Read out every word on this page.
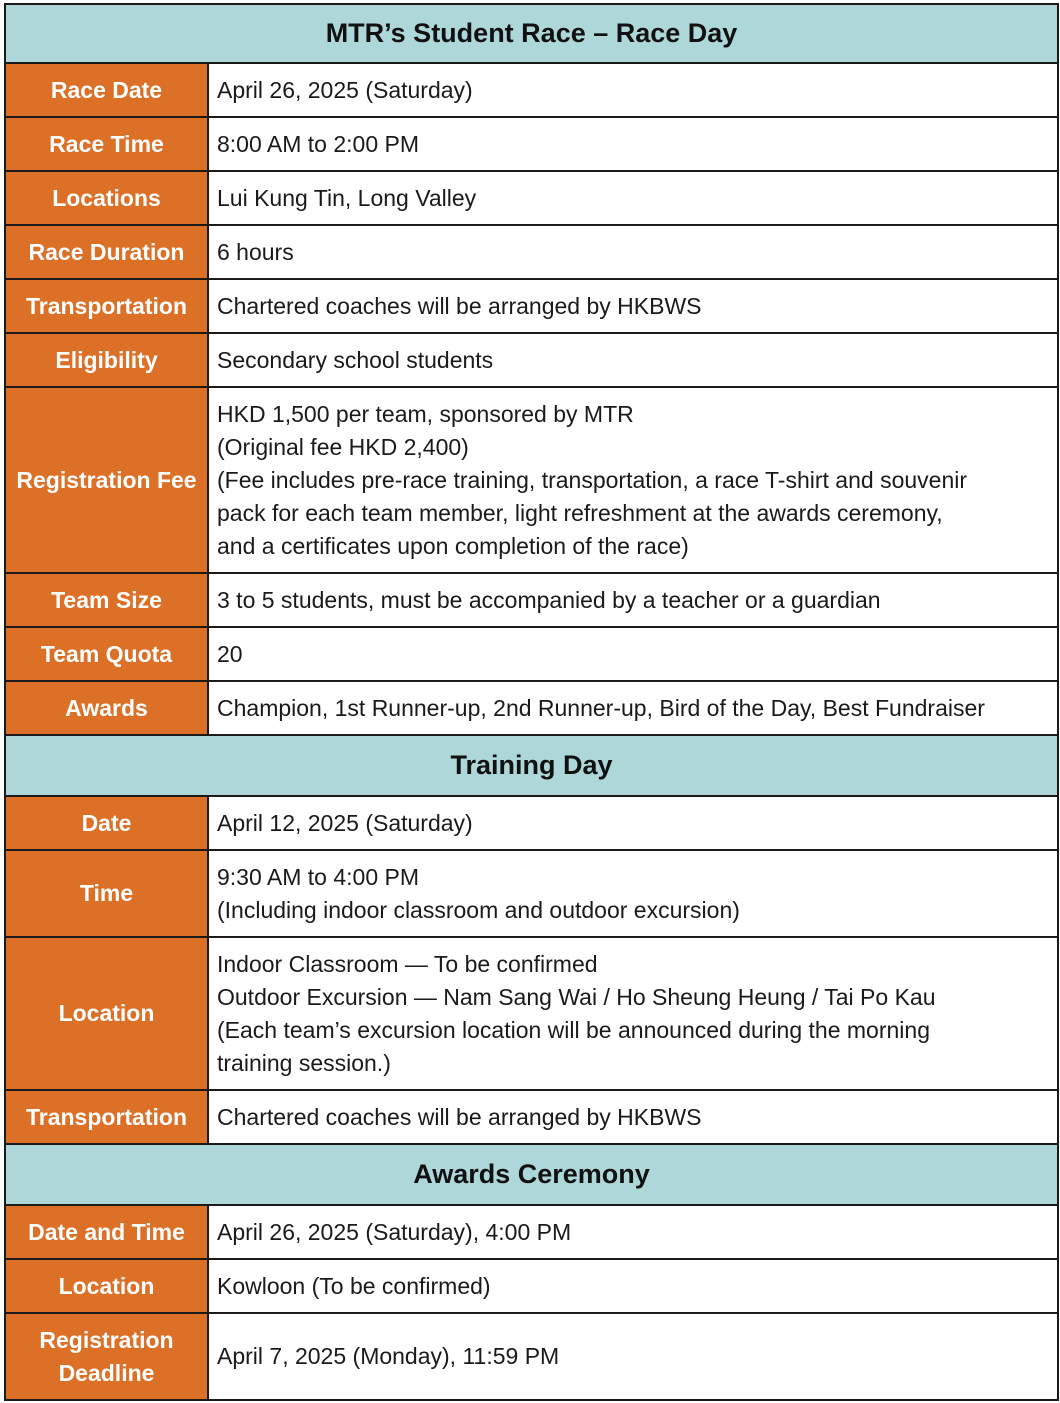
MTR’s Student Race – Race Day	
Race Date	April 26, 2025 (Saturday)

Race Time	8:00 AM to 2:00 PM

Locations	Lui Kung Tin, Long Valley

Race Duration	6 hours

Transportation	Chartered coaches will be arranged by HKBWS

Eligibility	Secondary school students

Registration Fee	HKD 1,500 per team, sponsored by MTR
(Original fee HKD 2,400)
(Fee includes pre-race training, transportation, a race T-shirt and souvenir
pack for each team member, light refreshment at the awards ceremony,
and a certificates upon completion of the race)

Team Size	3 to 5 students, must be accompanied by a teacher or a guardian

Team Quota	20

Awards	Champion, 1st Runner-up, 2nd Runner-up, Bird of the Day, Best Fundraiser

Training Day	
Date	April 12, 2025 (Saturday)

Time	9:30 AM to 4:00 PM
(Including indoor classroom and outdoor excursion)

Location	Indoor Classroom — To be confirmed
Outdoor Excursion — Nam Sang Wai / Ho Sheung Heung / Tai Po Kau
(Each team’s excursion location will be announced during the morning
training session.)

Transportation	Chartered coaches will be arranged by HKBWS

Awards Ceremony	
Date and Time	April 26, 2025 (Saturday), 4:00 PM

Location	Kowloon (To be confirmed)

Registration
Deadline	April 7, 2025 (Monday), 11:59 PM
